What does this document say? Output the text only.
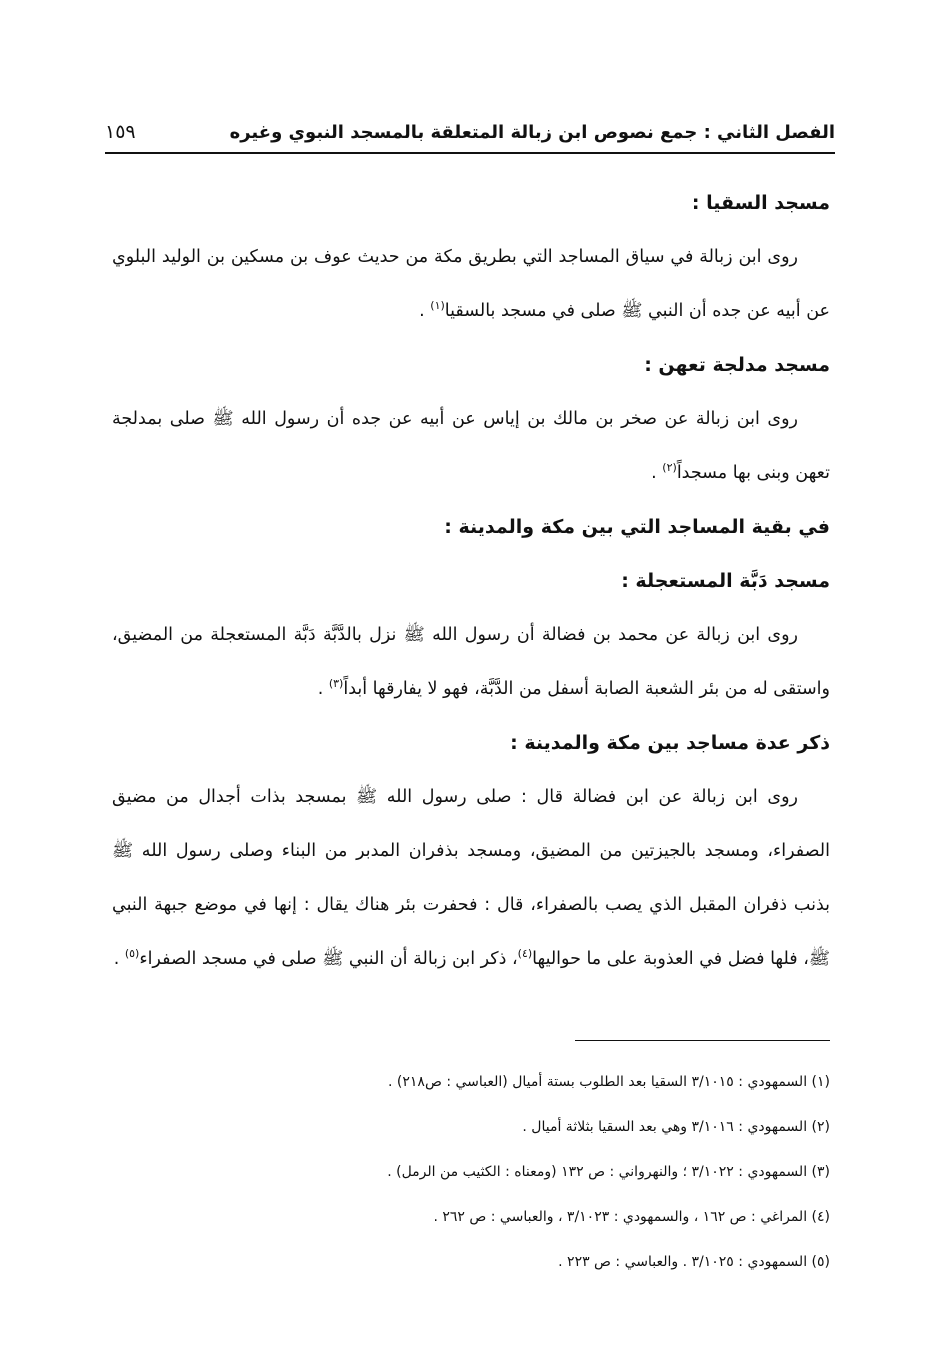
١٥٩	الفصل الثاني : جمع نصوص ابن زبالة المتعلقة بالمسجد النبوي وغيره

مسجد السقيا :

روى ابن زبالة في سياق المساجد التي بطريق مكة من حديث عوف بن مسكين بن الوليد البلوي عن أبيه عن جده أن النبي ﷺ صلى في مسجد بالسقيا$^{(١)}$ .

مسجد مدلجة تعهن :

روى ابن زبالة عن صخر بن مالك بن إياس عن أبيه عن جده أن رسول الله ﷺ صلى بمدلجة تعهن وبنى بها مسجداً$^{(٢)}$ .

في بقية المساجد التي بين مكة والمدينة :

مسجد دَبَّة المستعجلة :

روى ابن زبالة عن محمد بن فضالة أن رسول الله ﷺ نزل بالدَّبَّة دَبَّة المستعجلة من المضيق، واستقى له من بئر الشعبة الصابة أسفل من الدَّبَّة، فهو لا يفارقها أبداً$^{(٣)}$ .

ذكر عدة مساجد بين مكة والمدينة :

روى ابن زبالة عن ابن فضالة قال : صلى رسول الله ﷺ بمسجد بذات أجدال من مضيق الصفراء، ومسجد بالجيزتين من المضيق، ومسجد بذفران المدبر من البناء وصلى رسول الله ﷺ بذنب ذفران المقبل الذي يصب بالصفراء، قال : فحفرت بئر هناك يقال : إنها في موضع جبهة النبي ﷺ، فلها فضل في العذوبة على ما حواليها$^{(٤)}$، ذكر ابن زبالة أن النبي ﷺ صلى في مسجد الصفراء$^{(٥)}$ .

(١) السمهودي : ٣/١٠١٥ السقيا بعد الطلوب بستة أميال (العباسي : ص٢١٨) .
(٢) السمهودي : ٣/١٠١٦ وهي بعد السقيا بثلاثة أميال .
(٣) السمهودي : ٣/١٠٢٢ ؛ والنهرواني : ص ١٣٢ (ومعناه : الكثيب من الرمل) .
(٤) المراغي : ص ١٦٢ ، والسمهودي : ٣/١٠٢٣ ، والعباسي : ص ٢٦٢ .
(٥) السمهودي : ٣/١٠٢٥ . والعباسي : ص ٢٢٣ .
